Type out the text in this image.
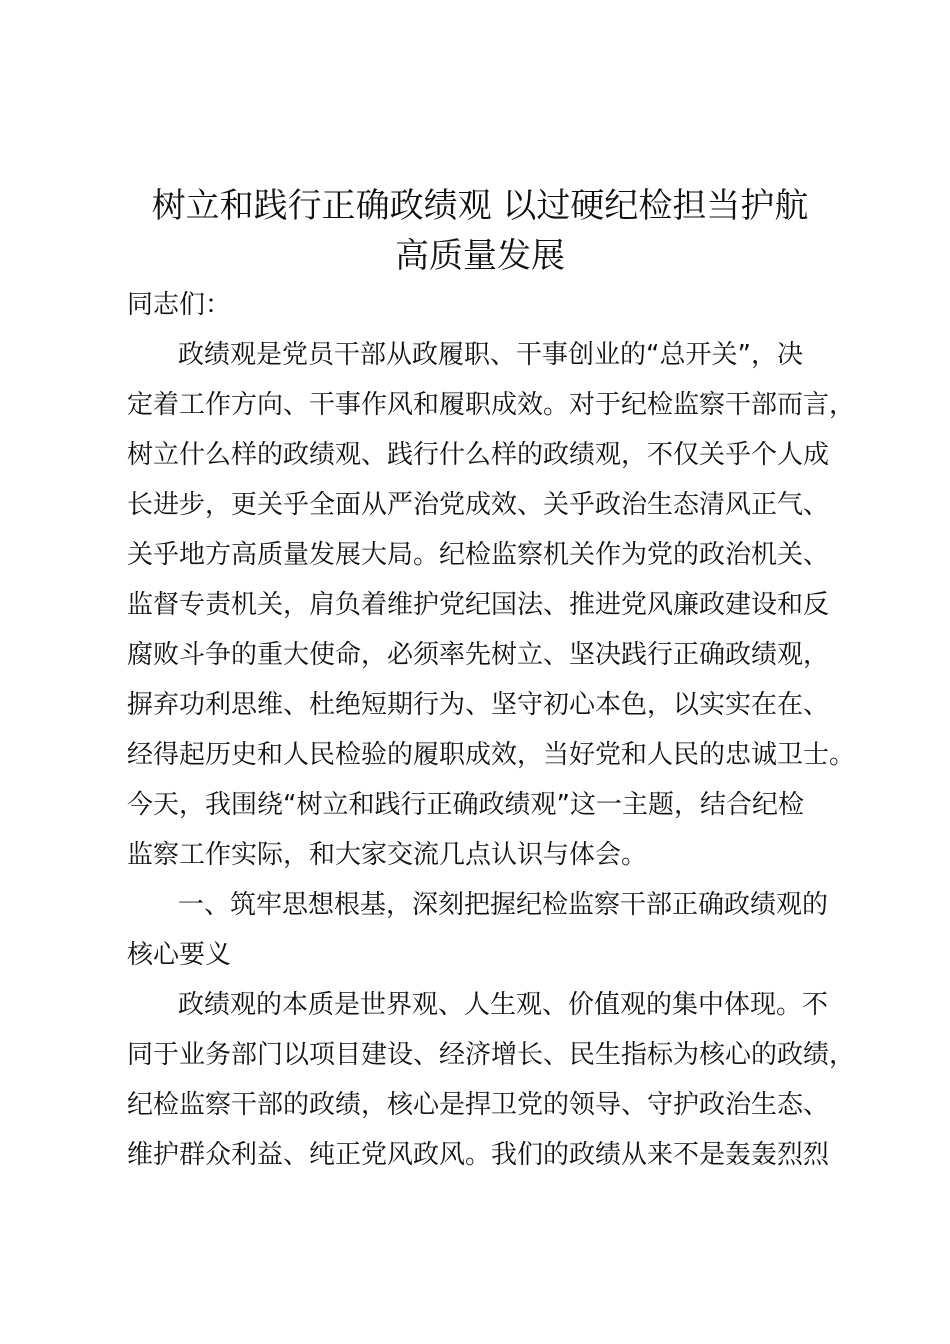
树立和践行正确政绩观 以过硬纪检担当护航
高质量发展
同志们：
政绩观是党员干部从政履职、干事创业的“总开关”，决
定着工作方向、干事作风和履职成效。对于纪检监察干部而言，
树立什么样的政绩观、践行什么样的政绩观，不仅关乎个人成
长进步，更关乎全面从严治党成效、关乎政治生态清风正气、
关乎地方高质量发展大局。纪检监察机关作为党的政治机关、
监督专责机关，肩负着维护党纪国法、推进党风廉政建设和反
腐败斗争的重大使命，必须率先树立、坚决践行正确政绩观，
摒弃功利思维、杜绝短期行为、坚守初心本色，以实实在在、
经得起历史和人民检验的履职成效，当好党和人民的忠诚卫士。
今天，我围绕“树立和践行正确政绩观”这一主题，结合纪检
监察工作实际，和大家交流几点认识与体会。
一、筑牢思想根基，深刻把握纪检监察干部正确政绩观的
核心要义
政绩观的本质是世界观、人生观、价值观的集中体现。不
同于业务部门以项目建设、经济增长、民生指标为核心的政绩，
纪检监察干部的政绩，核心是捍卫党的领导、守护政治生态、
维护群众利益、纯正党风政风。我们的政绩从来不是轰轰烈烈
